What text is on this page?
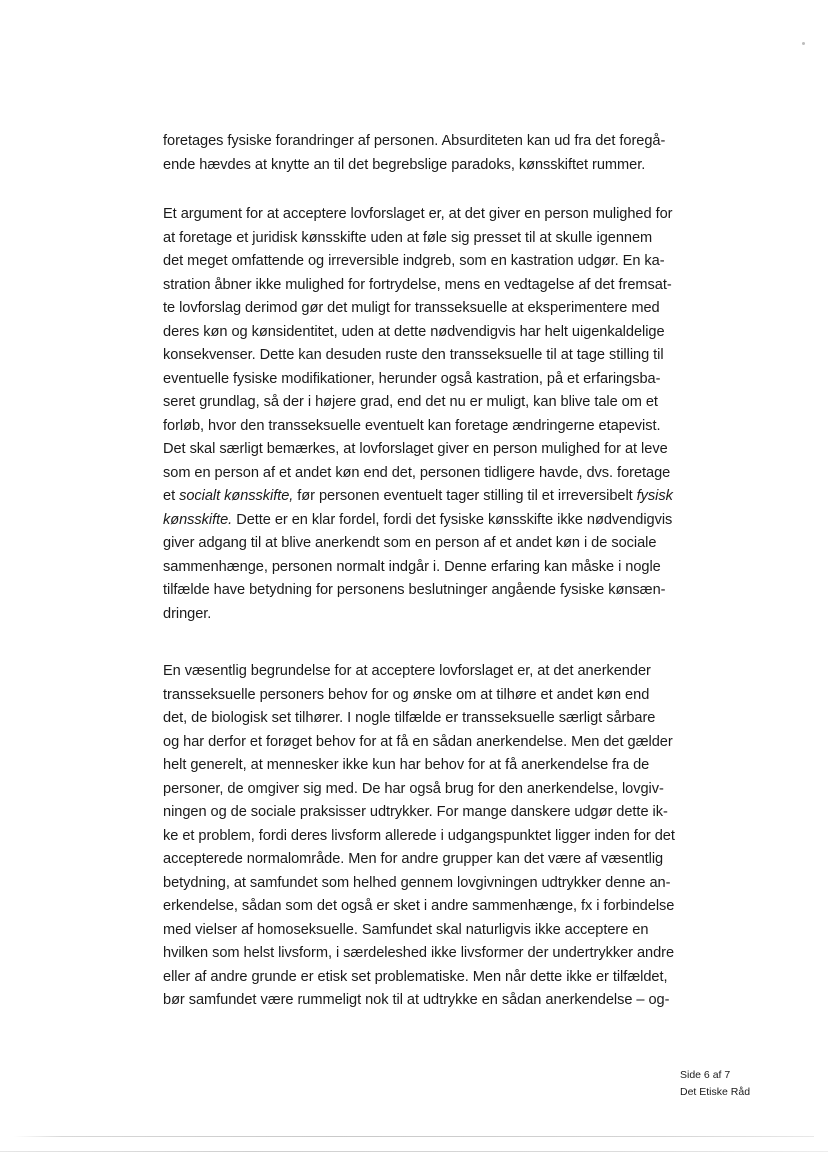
foretages fysiske forandringer af personen. Absurditeten kan ud fra det foregå-
ende hævdes at knytte an til det begrebslige paradoks, kønsskiftet rummer.
Et argument for at acceptere lovforslaget er, at det giver en person mulighed for
at foretage et juridisk kønsskifte uden at føle sig presset til at skulle igennem
det meget omfattende og irreversible indgreb, som en kastration udgør. En ka-
stration åbner ikke mulighed for fortrydelse, mens en vedtagelse af det fremsat-
te lovforslag derimod gør det muligt for transseksuelle at eksperimentere med
deres køn og kønsidentitet, uden at dette nødvendigvis har helt uigenkaldelige
konsekvenser. Dette kan desuden ruste den transseksuelle til at tage stilling til
eventuelle fysiske modifikationer, herunder også kastration, på et erfaringsba-
seret grundlag, så der i højere grad, end det nu er muligt, kan blive tale om et
forløb, hvor den transseksuelle eventuelt kan foretage ændringerne etapevist.
Det skal særligt bemærkes, at lovforslaget giver en person mulighed for at leve
som en person af et andet køn end det, personen tidligere havde, dvs. foretage
et socialt kønsskifte, før personen eventuelt tager stilling til et irreversibelt fysisk
kønsskifte. Dette er en klar fordel, fordi det fysiske kønsskifte ikke nødvendigvis
giver adgang til at blive anerkendt som en person af et andet køn i de sociale
sammenhænge, personen normalt indgår i. Denne erfaring kan måske i nogle
tilfælde have betydning for personens beslutninger angående fysiske kønsæn-
dringer.
En væsentlig begrundelse for at acceptere lovforslaget er, at det anerkender
transseksuelle personers behov for og ønske om at tilhøre et andet køn end
det, de biologisk set tilhører. I nogle tilfælde er transseksuelle særligt sårbare
og har derfor et forøget behov for at få en sådan anerkendelse. Men det gælder
helt generelt, at mennesker ikke kun har behov for at få anerkendelse fra de
personer, de omgiver sig med. De har også brug for den anerkendelse, lovgiv-
ningen og de sociale praksisser udtrykker. For mange danskere udgør dette ik-
ke et problem, fordi deres livsform allerede i udgangspunktet ligger inden for det
accepterede normalområde. Men for andre grupper kan det være af væsentlig
betydning, at samfundet som helhed gennem lovgivningen udtrykker denne an-
erkendelse, sådan som det også er sket i andre sammenhænge, fx i forbindelse
med vielser af homoseksuelle. Samfundet skal naturligvis ikke acceptere en
hvilken som helst livsform, i særdeleshed ikke livsformer der undertrykker andre
eller af andre grunde er etisk set problematiske. Men når dette ikke er tilfældet,
bør samfundet være rummeligt nok til at udtrykke en sådan anerkendelse – og-
Side 6 af 7
Det Etiske Råd
